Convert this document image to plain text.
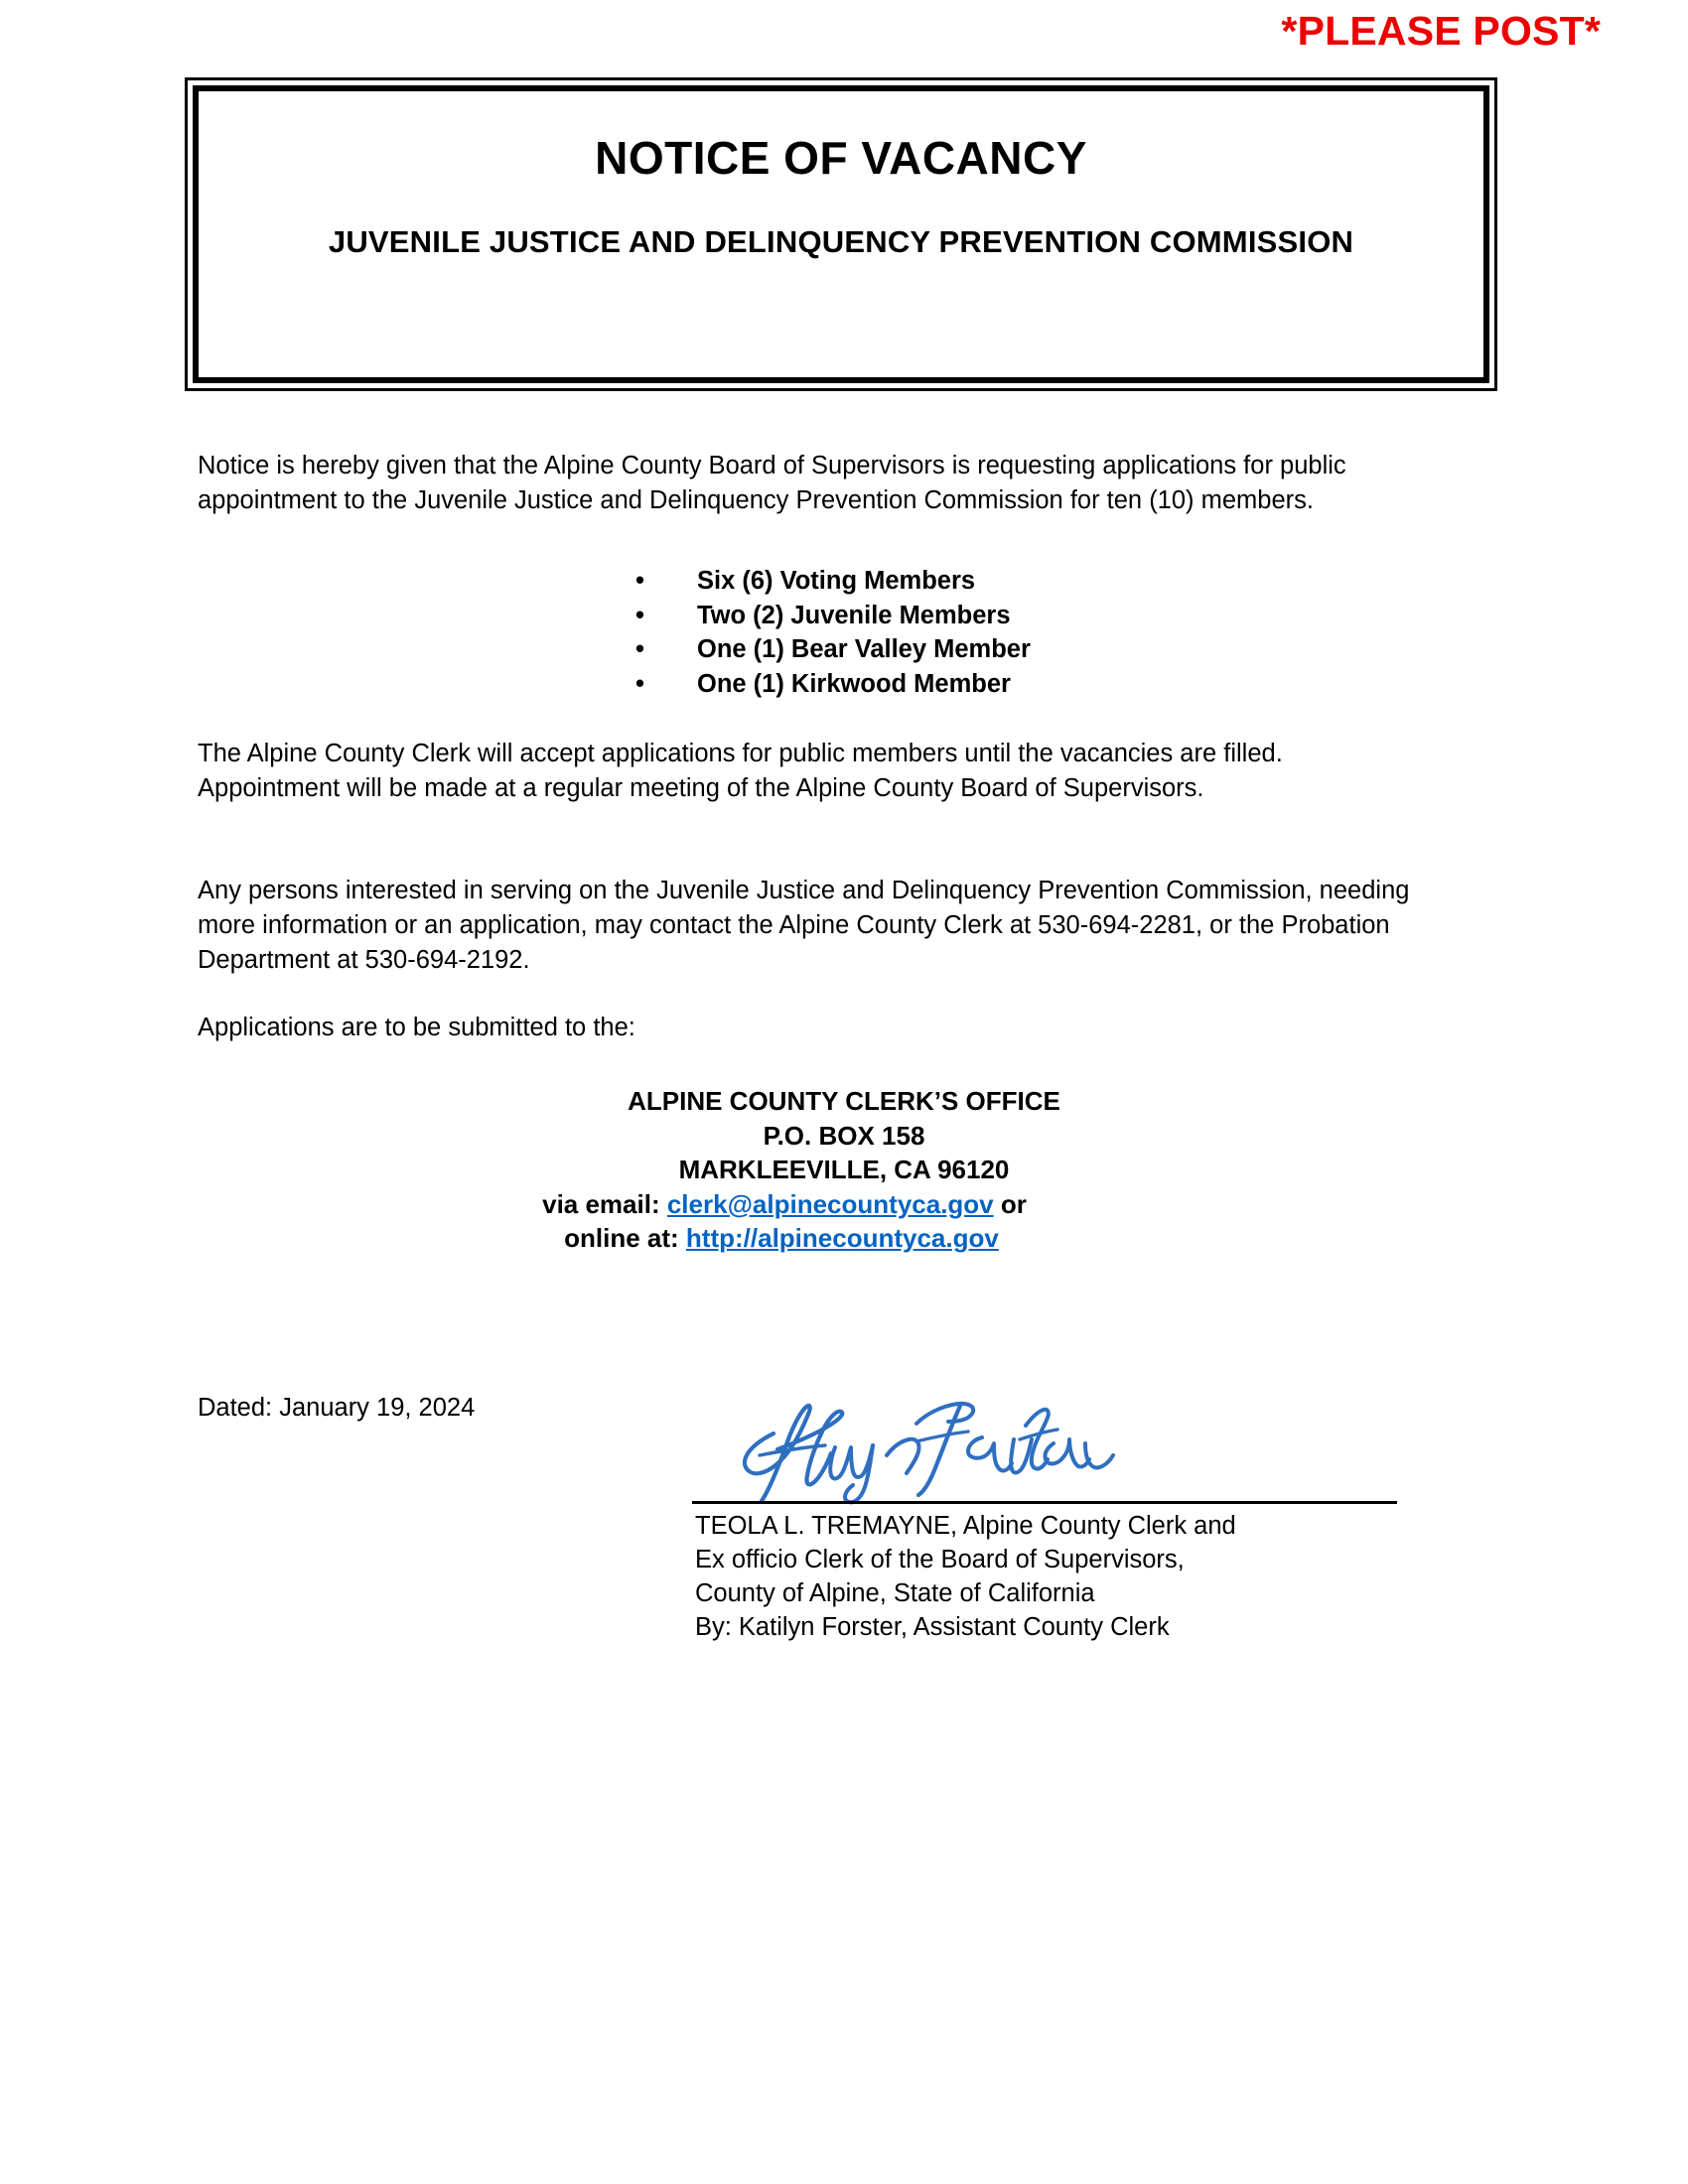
*PLEASE POST*
NOTICE OF VACANCY
JUVENILE JUSTICE AND DELINQUENCY PREVENTION COMMISSION
Notice is hereby given that the Alpine County Board of Supervisors is requesting applications for public appointment to the Juvenile Justice and Delinquency Prevention Commission for ten (10) members.
• Six (6) Voting Members
• Two (2) Juvenile Members
• One (1) Bear Valley Member
• One (1) Kirkwood Member
The Alpine County Clerk will accept applications for public members until the vacancies are filled. Appointment will be made at a regular meeting of the Alpine County Board of Supervisors.
Any persons interested in serving on the Juvenile Justice and Delinquency Prevention Commission, needing more information or an application, may contact the Alpine County Clerk at 530-694-2281, or the Probation Department at 530-694-2192.
Applications are to be submitted to the:
ALPINE COUNTY CLERK’S OFFICE
P.O. BOX 158
MARKLEEVILLE, CA 96120
via email: clerk@alpinecountyca.gov or
online at: http://alpinecountyca.gov
Dated: January 19, 2024
TEOLA L. TREMAYNE, Alpine County Clerk and
Ex officio Clerk of the Board of Supervisors,
County of Alpine, State of California
By: Katilyn Forster, Assistant County Clerk
